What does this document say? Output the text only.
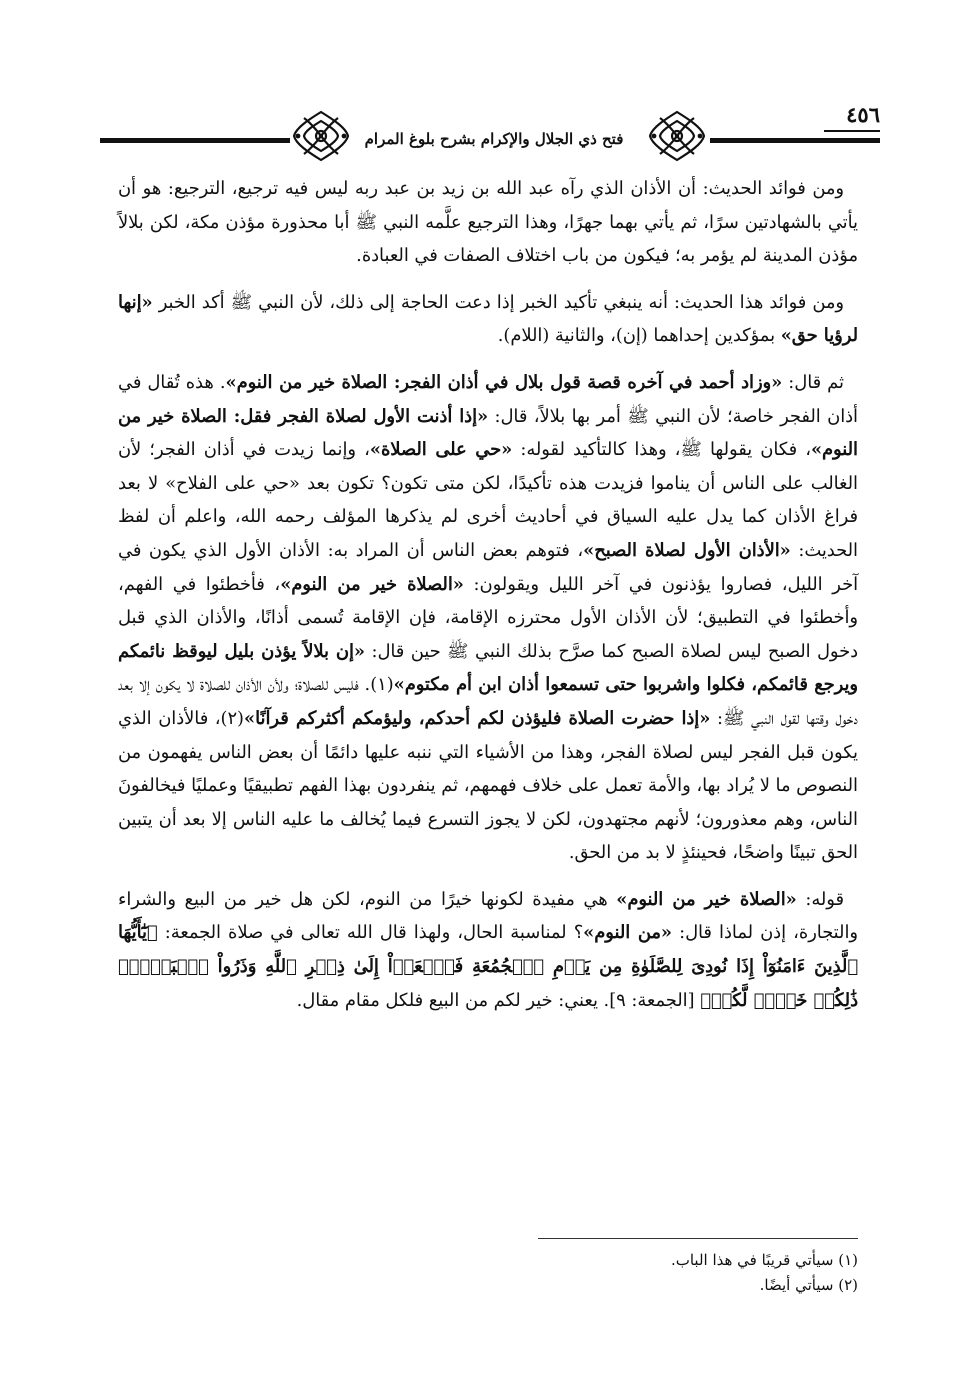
٤٥٦
فتح ذي الجلال والإكرام بشرح بلوغ المرام

ومن فوائد الحديث: أن الأذان الذي رآه عبد الله بن زيد بن عبد ربه ليس فيه ترجيع، الترجيع: هو أن يأتي بالشهادتين سرًا، ثم يأتي بهما جهرًا، وهذا الترجيع علَّمه النبي ﷺ أبا محذورة مؤذن مكة، لكن بلالاً مؤذن المدينة لم يؤمر به؛ فيكون من باب اختلاف الصفات في العبادة.

ومن فوائد هذا الحديث: أنه ينبغي تأكيد الخبر إذا دعت الحاجة إلى ذلك، لأن النبي ﷺ أكد الخبر «إنها لرؤيا حق» بمؤكدين إحداهما (إن)، والثانية (اللام).

ثم قال: «وزاد أحمد في آخره قصة قول بلال في أذان الفجر: الصلاة خير من النوم». هذه تُقال في أذان الفجر خاصة؛ لأن النبي ﷺ أمر بها بلالاً، قال: «إذا أذنت الأول لصلاة الفجر فقل: الصلاة خير من النوم»، فكان يقولها ﷺ، وهذا كالتأكيد لقوله: «حي على الصلاة»، وإنما زيدت في أذان الفجر؛ لأن الغالب على الناس أن يناموا فزيدت هذه تأكيدًا، لكن متى تكون؟ تكون بعد «حي على الفلاح» لا بعد فراغ الأذان كما يدل عليه السياق في أحاديث أخرى لم يذكرها المؤلف رحمه الله، واعلم أن لفظ الحديث: «الأذان الأول لصلاة الصبح»، فتوهم بعض الناس أن المراد به: الأذان الأول الذي يكون في آخر الليل، فصاروا يؤذنون في آخر الليل ويقولون: «الصلاة خير من النوم»، فأخطئوا في الفهم، وأخطئوا في التطبيق؛ لأن الأذان الأول محترزه الإقامة، فإن الإقامة تُسمى أذانًا، والأذان الذي قبل دخول الصبح ليس لصلاة الصبح كما صرَّح بذلك النبي ﷺ حين قال: «إن بلالاً يؤذن بليل ليوقظ نائمكم ويرجع قائمكم، فكلوا واشربوا حتى تسمعوا أذان ابن أم مكتوم»(١). فليس للصلاة؛ ولأن الأذان للصلاة لا يكون إلا بعد دخول وقتها لقول النبي ﷺ: «إذا حضرت الصلاة فليؤذن لكم أحدكم، وليؤمكم أكثركم قرآنًا»(٢)، فالأذان الذي يكون قبل الفجر ليس لصلاة الفجر، وهذا من الأشياء التي ننبه عليها دائمًا أن بعض الناس يفهمون من النصوص ما لا يُراد بها، والأمة تعمل على خلاف فهمهم، ثم ينفردون بهذا الفهم تطبيقيًا وعمليًا فيخالفونَ الناس، وهم معذورون؛ لأنهم مجتهدون، لكن لا يجوز التسرع فيما يُخالف ما عليه الناس إلا بعد أن يتبين الحق تبينًا واضحًا، فحينئذٍ لا بد من الحق.

قوله: «الصلاة خير من النوم» هي مفيدة لكونها خيرًا من النوم، لكن هل خير من البيع والشراء والتجارة، إذن لماذا قال: «من النوم»؟ لمناسبة الحال، ولهذا قال الله تعالى في صلاة الجمعة: ﴿يَٰٓأَيُّهَا ٱلَّذِينَ ءَامَنُوٓاْ إِذَا نُودِىَ لِلصَّلَوٰةِ مِن يَوۡمِ ٱلۡجُمُعَةِ فَٱسۡعَوۡاْ إِلَىٰ ذِكۡرِ ٱللَّهِ وَذَرُواْ ٱلۡبَيۡعَۚ ذَٰلِكُمۡ خَيۡرٞ لَّكُمۡ﴾ [الجمعة: ٩]. يعني: خير لكم من البيع فلكل مقام مقال.

(١) سيأتي قريبًا في هذا الباب.
(٢) سيأتي أيضًا.
